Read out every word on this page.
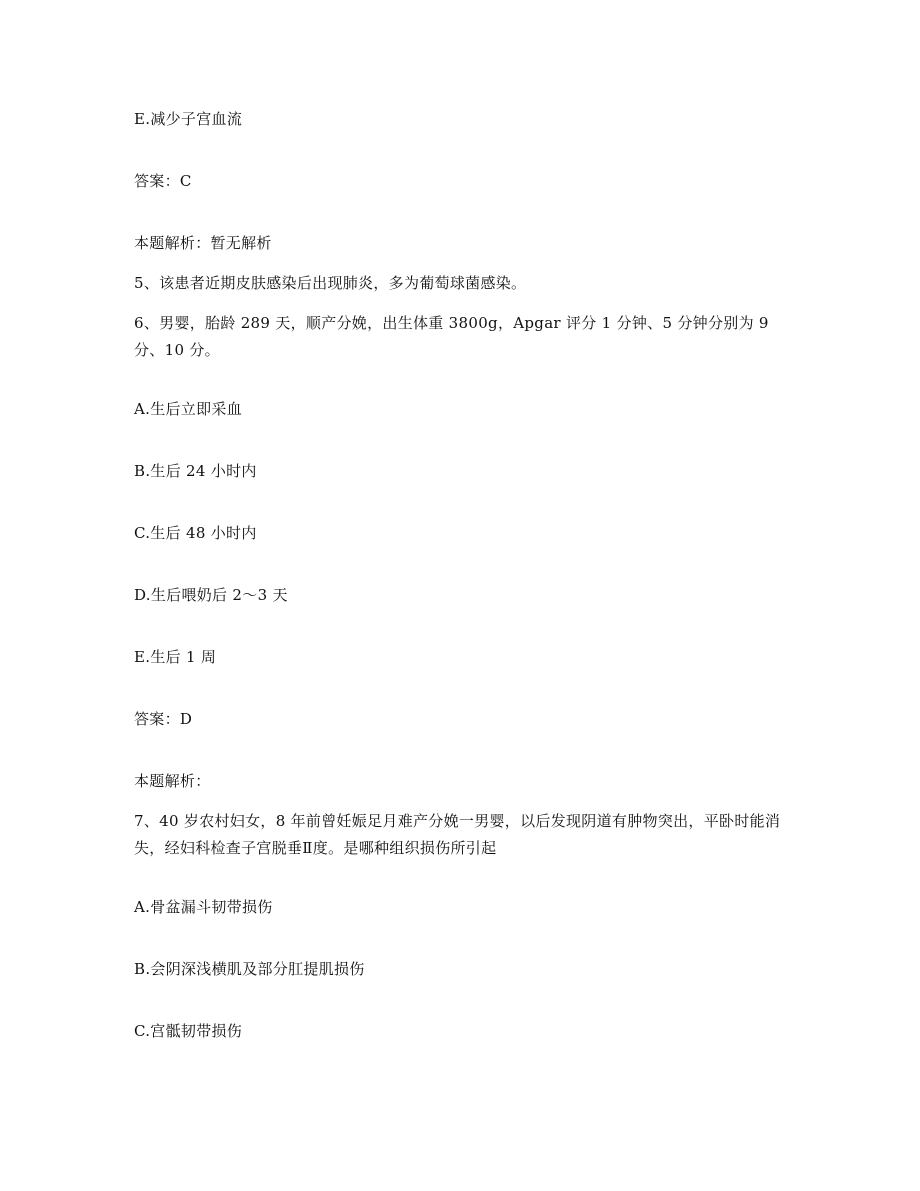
E.减少子宫血流
答案：C
本题解析：暂无解析
5、该患者近期皮肤感染后出现肺炎，多为葡萄球菌感染。
6、男婴，胎龄 289 天，顺产分娩，出生体重 3800g，Apgar 评分 1 分钟、5 分钟分别为 9 分、10 分。
A.生后立即采血
B.生后 24 小时内
C.生后 48 小时内
D.生后喂奶后 2～3 天
E.生后 1 周
答案：D
本题解析：
7、40 岁农村妇女，8 年前曾妊娠足月难产分娩一男婴，以后发现阴道有肿物突出，平卧时能消失，经妇科检查子宫脱垂Ⅱ度。是哪种组织损伤所引起
A.骨盆漏斗韧带损伤
B.会阴深浅横肌及部分肛提肌损伤
C.宫骶韧带损伤
